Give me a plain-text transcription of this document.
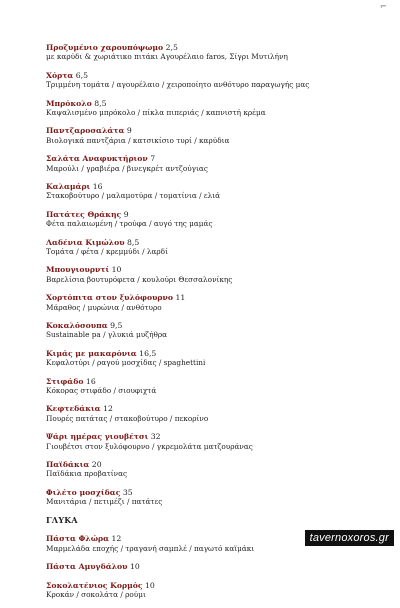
⌐
Προζυμένιο χαρουπόψωμο 2,5
με καρύδι & χωριάτικο πιτάκι Αγουρέλαιο faros, Σίγρι Μυτιλήνη
Χόρτα 6,5
Τριμμένη τομάτα / αγουρέλαιο / χειροποίητο ανθότυρο παραγωγής μας
Μπρόκολο 8,5
Καψαλισμένο μπρόκολο / πίκλα πιπεριάς / καπνιστή κρέμα
Παντζαροσαλάτα 9
Βιολογικά παντζάρια / κατσικίσιο τυρί / καρύδια
Σαλάτα Αναφυκτήριον 7
Μαρούλι / γραβιέρα / βινεγκρέτ αντζούγιας
Καλαμάρι 16
Στακοβούτυρο / μαλαμοτύρα / τοματίνια / ελιά
Πατάτες Θράκης 9
Φέτα παλαιωμένη / τρούφα / αυγό της μαμάς
Λαδένια Κιμώλου 8,5
Τομάτα / φέτα / κρεμμύδι / λαρδί
Μπουγιουρντί 10
Βαρελίσια βουτυρόφετα / κουλούρι Θεσσαλονίκης
Χορτόπιτα στον ξυλόφουρνο 11
Μάραθος / μυρώνια / ανθότυρο
Κοκαλόσουπα 9,5
Sustainable pa / γλυκιά μυζήθρα
Κιμάς με μακαρόνια 16,5
Κεφαλοτύρι / ραγού μοσχίδας / spaghettini
Στιφάδο 16
Κόκορας στιφάδο / σιουφιχτά
Κεφτεδάκια 12
Πουρές πατάτας / στακοβούτυρο / πεκορίνο
Ψάρι ημέρας γιουβέτσι 32
Γιουβέτσι στον ξυλόφουρνο / γκρεμολάτα ματζουράνας
Παϊδάκια 20
Παϊδάκια προβατίνας
Φιλέτο μοσχίδας 35
Μανιτάρια / πετιμέζι / πατάτες
ΓΛΥΚΑ
Πάστα Φλώρα 12
Μαρμελάδα εποχής / τραγανή σαμπλέ / παγωτό καϊμάκι
Πάστα Αμυγδάλου 10
Σοκολατένιος Κορμός 10
Κροκάν / σοκολάτα / ρούμι
tavernoxoros.gr
